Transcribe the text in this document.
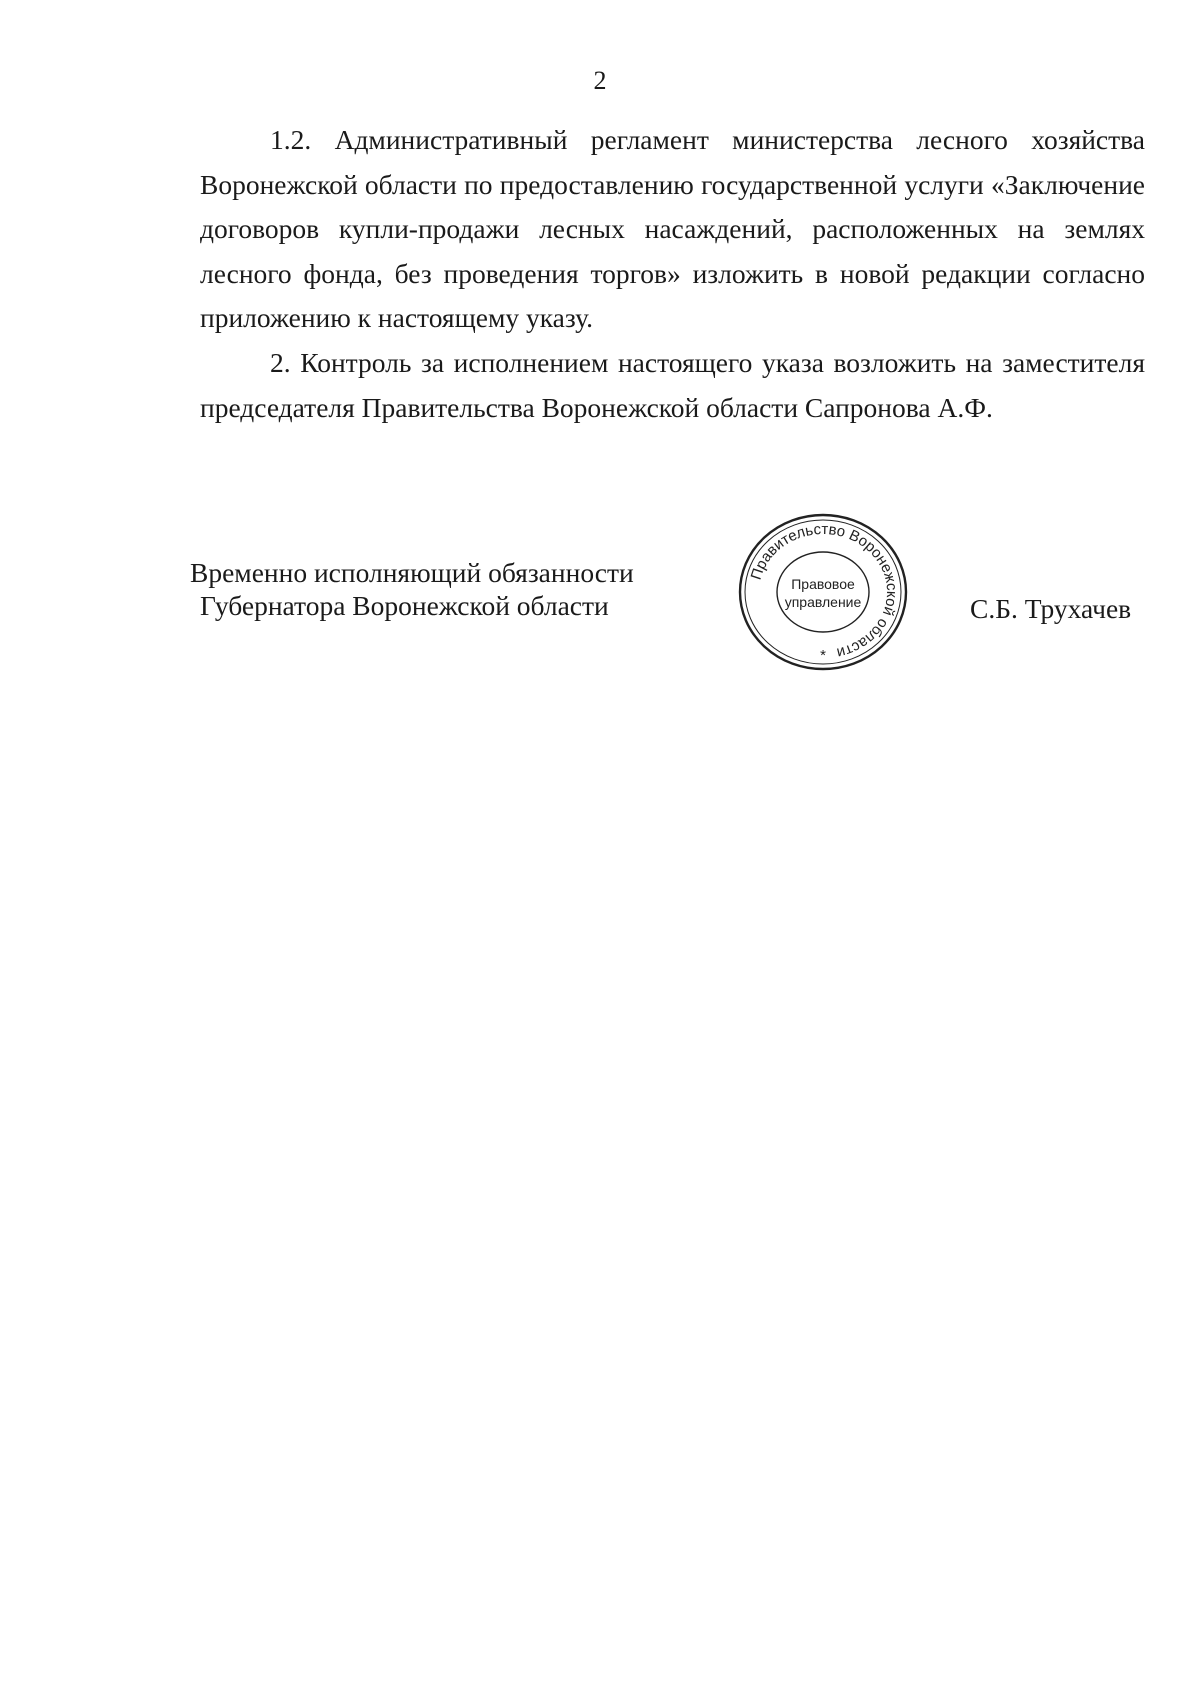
2

1.2. Административный регламент министерства лесного хозяйства Воронежской области по предоставлению государственной услуги «Заключение договоров купли-продажи лесных насаждений, расположенных на землях лесного фонда, без проведения торгов» изложить в новой редакции согласно приложению к настоящему указу.

2. Контроль за исполнением настоящего указа возложить на заместителя председателя Правительства Воронежской области Сапронова А.Ф.

Временно исполняющий обязанности
Губернатора Воронежской области
Правительство Воронежской области
Правовое
управление
*
С.Б. Трухачев
